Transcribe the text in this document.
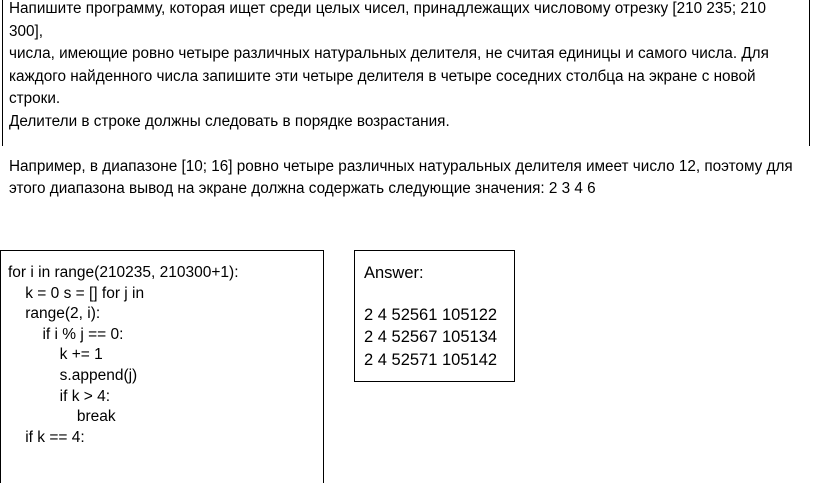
Напишите программу, которая ищет среди целых чисел, принадлежащих числовому отрезку [210 235; 210 300],
числа, имеющие ровно четыре различных натуральных делителя, не считая единицы и самого числа. Для
каждого найденного числа запишите эти четыре делителя в четыре соседних столбца на экране с новой строки.
Делители в строке должны следовать в порядке возрастания.

Например, в диапазоне [10; 16] ровно четыре различных натуральных делителя имеет число 12, поэтому для
этого диапазона вывод на экране должна содержать следующие значения: 2 3 4 6

for i in range(210235, 210300+1):
k = 0 s = [] for j in
range(2, i):
if i % j == 0:
k += 1
s.append(j)
if k > 4:
break
if k == 4:
Answer:
2 4 52561 105122
2 4 52567 105134
2 4 52571 105142
